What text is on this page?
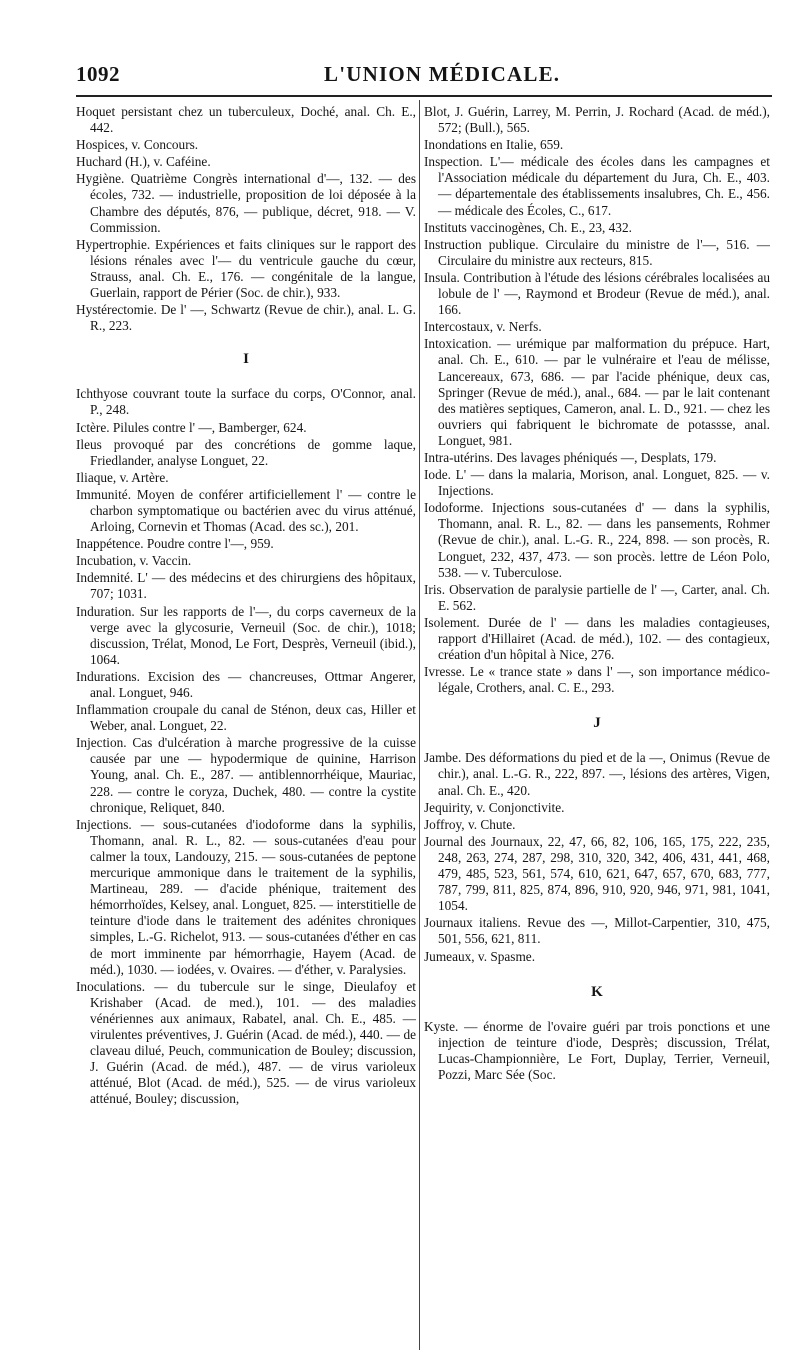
1092	L'UNION MÉDICALE.

Hoquet persistant chez un tuberculeux, Doché, anal. Ch. E., 442.

Hospices, v. Concours.

Huchard (H.), v. Caféine.

Hygiène. Quatrième Congrès international d'—, 132. — des écoles, 732. — industrielle, proposition de loi déposée à la Chambre des députés, 876, — publique, décret, 918. — V. Commission.

Hypertrophie. Expériences et faits cliniques sur le rapport des lésions rénales avec l'— du ventricule gauche du cœur, Strauss, anal. Ch. E., 176. — congénitale de la langue, Guerlain, rapport de Périer (Soc. de chir.), 933.

Hystérectomie. De l' —, Schwartz (Revue de chir.), anal. L. G. R., 223.

I

Ichthyose couvrant toute la surface du corps, O'Connor, anal. P., 248.

Ictère. Pilules contre l' —, Bamberger, 624.

Ileus provoqué par des concrétions de gomme laque, Friedlander, analyse Longuet, 22.

Iliaque, v. Artère.

Immunité. Moyen de conférer artificiellement l' — contre le charbon symptomatique ou bactérien avec du virus atténué, Arloing, Cornevin et Thomas (Acad. des sc.), 201.

Inappétence. Poudre contre l'—, 959.

Incubation, v. Vaccin.

Indemnité. L' — des médecins et des chirurgiens des hôpitaux, 707; 1031.

Induration. Sur les rapports de l'—, du corps caverneux de la verge avec la glycosurie, Verneuil (Soc. de chir.), 1018; discussion, Trélat, Monod, Le Fort, Desprès, Verneuil (ibid.), 1064.

Indurations. Excision des — chancreuses, Ottmar Angerer, anal. Longuet, 946.

Inflammation croupale du canal de Sténon, deux cas, Hiller et Weber, anal. Longuet, 22.

Injection. Cas d'ulcération à marche progressive de la cuisse causée par une — hypodermique de quinine, Harrison Young, anal. Ch. E., 287. — antiblennorrhéique, Mauriac, 228. — contre le coryza, Duchek, 480. — contre la cystite chronique, Reliquet, 840.

Injections. — sous-cutanées d'iodoforme dans la syphilis, Thomann, anal. R. L., 82. — sous-cutanées d'eau pour calmer la toux, Landouzy, 215. — sous-cutanées de peptone mercurique ammonique dans le traitement de la syphilis, Martineau, 289. — d'acide phénique, traitement des hémorrhoïdes, Kelsey, anal. Longuet, 825. — interstitielle de teinture d'iode dans le traitement des adénites chroniques simples, L.-G. Richelot, 913. — sous-cutanées d'éther en cas de mort imminente par hémorrhagie, Hayem (Acad. de méd.), 1030. — iodées, v. Ovaires. — d'éther, v. Paralysies.

Inoculations. — du tubercule sur le singe, Dieulafoy et Krishaber (Acad. de med.), 101. — des maladies vénériennes aux animaux, Rabatel, anal. Ch. E., 485. — virulentes préventives, J. Guérin (Acad. de méd.), 440. — de claveau dilué, Peuch, communication de Bouley; discussion, J. Guérin (Acad. de méd.), 487. — de virus varioleux atténué, Blot (Acad. de méd.), 525. — de virus varioleux atténué, Bouley; discussion,

Blot, J. Guérin, Larrey, M. Perrin, J. Rochard (Acad. de méd.), 572; (Bull.), 565.

Inondations en Italie, 659.

Inspection. L'— médicale des écoles dans les campagnes et l'Association médicale du département du Jura, Ch. E., 403. — départementale des établissements insalubres, Ch. E., 456. — médicale des Écoles, C., 617.

Instituts vaccinogènes, Ch. E., 23, 432.

Instruction publique. Circulaire du ministre de l'—, 516. — Circulaire du ministre aux recteurs, 815.

Insula. Contribution à l'étude des lésions cérébrales localisées au lobule de l' —, Raymond et Brodeur (Revue de méd.), anal. 166.

Intercostaux, v. Nerfs.

Intoxication. — urémique par malformation du prépuce. Hart, anal. Ch. E., 610. — par le vulnéraire et l'eau de mélisse, Lancereaux, 673, 686. — par l'acide phénique, deux cas, Springer (Revue de méd.), anal., 684. — par le lait contenant des matières septiques, Cameron, anal. L. D., 921. — chez les ouvriers qui fabriquent le bichromate de potassse, anal. Longuet, 981.

Intra-utérins. Des lavages phéniqués —, Desplats, 179.

Iode. L' — dans la malaria, Morison, anal. Longuet, 825. — v. Injections.

Iodoforme. Injections sous-cutanées d' — dans la syphilis, Thomann, anal. R. L., 82. — dans les pansements, Rohmer (Revue de chir.), anal. L.-G. R., 224, 898. — son procès, R. Longuet, 232, 437, 473. — son procès. lettre de Léon Polo, 538. — v. Tuberculose.

Iris. Observation de paralysie partielle de l' —, Carter, anal. Ch. E. 562.

Isolement. Durée de l' — dans les maladies contagieuses, rapport d'Hillairet (Acad. de méd.), 102. — des contagieux, création d'un hôpital à Nice, 276.

Ivresse. Le « trance state » dans l' —, son importance médico-légale, Crothers, anal. C. E., 293.

J

Jambe. Des déformations du pied et de la —, Onimus (Revue de chir.), anal. L.-G. R., 222, 897. —, lésions des artères, Vigen, anal. Ch. E., 420.

Jequirity, v. Conjonctivite.

Joffroy, v. Chute.

Journal des Journaux, 22, 47, 66, 82, 106, 165, 175, 222, 235, 248, 263, 274, 287, 298, 310, 320, 342, 406, 431, 441, 468, 479, 485, 523, 561, 574, 610, 621, 647, 657, 670, 683, 777, 787, 799, 811, 825, 874, 896, 910, 920, 946, 971, 981, 1041, 1054.

Journaux italiens. Revue des —, Millot-Carpentier, 310, 475, 501, 556, 621, 811.

Jumeaux, v. Spasme.

K

Kyste. — énorme de l'ovaire guéri par trois ponctions et une injection de teinture d'iode, Desprès; discussion, Trélat, Lucas-Championnière, Le Fort, Duplay, Terrier, Verneuil, Pozzi, Marc Sée (Soc.
